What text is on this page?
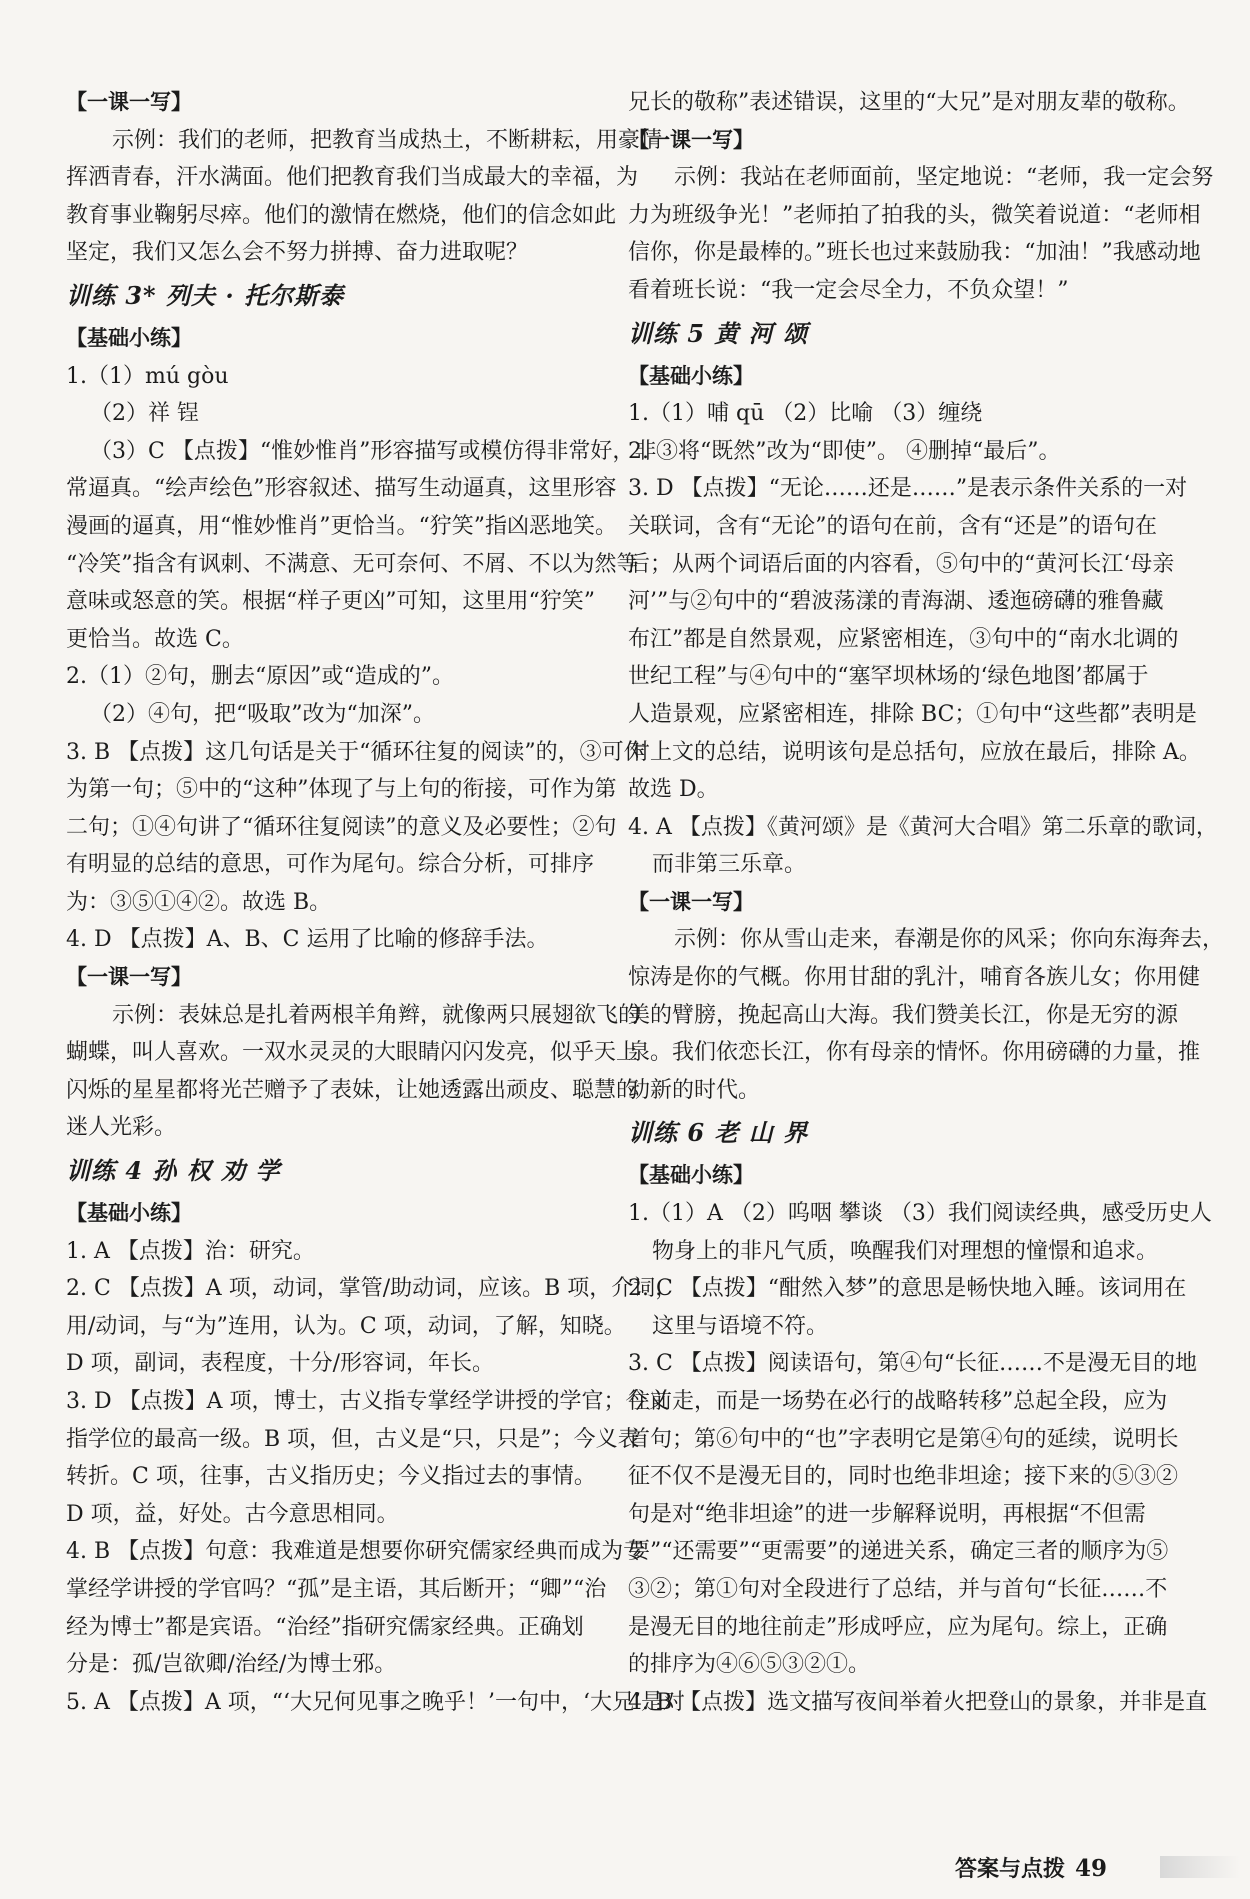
【一课一写】
示例：我们的老师，把教育当成热土，不断耕耘，用豪情
挥洒青春，汗水满面。他们把教育我们当成最大的幸福，为
教育事业鞠躬尽瘁。他们的激情在燃烧，他们的信念如此
坚定，我们又怎么会不努力拼搏、奋力进取呢？
训练 3* 列夫 · 托尔斯泰
【基础小练】
1.（1）mú gòu
（2）祥 锃
（3）C 【点拨】“惟妙惟肖”形容描写或模仿得非常好，非
常逼真。“绘声绘色”形容叙述、描写生动逼真，这里形容
漫画的逼真，用“惟妙惟肖”更恰当。“狞笑”指凶恶地笑。
“冷笑”指含有讽刺、不满意、无可奈何、不屑、不以为然等
意味或怒意的笑。根据“样子更凶”可知，这里用“狞笑”
更恰当。故选 C。
2.（1）②句，删去“原因”或“造成的”。
（2）④句，把“吸取”改为“加深”。
3. B 【点拨】这几句话是关于“循环往复的阅读”的，③可作
为第一句；⑤中的“这种”体现了与上句的衔接，可作为第
二句；①④句讲了“循环往复阅读”的意义及必要性；②句
有明显的总结的意思，可作为尾句。综合分析，可排序
为：③⑤①④②。故选 B。
4. D 【点拨】A、B、C 运用了比喻的修辞手法。
【一课一写】
示例：表妹总是扎着两根羊角辫，就像两只展翅欲飞的
蝴蝶，叫人喜欢。一双水灵灵的大眼睛闪闪发亮，似乎天上
闪烁的星星都将光芒赠予了表妹，让她透露出顽皮、聪慧的
迷人光彩。
训练 4 孙 权 劝 学
【基础小练】
1. A 【点拨】治：研究。
2. C 【点拨】A 项，动词，掌管/助动词，应该。B 项，介词，
用/动词，与“为”连用，认为。C 项，动词，了解，知晓。
D 项，副词，表程度，十分/形容词，年长。
3. D 【点拨】A 项，博士，古义指专掌经学讲授的学官；今义
指学位的最高一级。B 项，但，古义是“只，只是”；今义表
转折。C 项，往事，古义指历史；今义指过去的事情。
D 项，益，好处。古今意思相同。
4. B 【点拨】句意：我难道是想要你研究儒家经典而成为专
掌经学讲授的学官吗？“孤”是主语，其后断开；“卿”“治
经为博士”都是宾语。“治经”指研究儒家经典。正确划
分是：孤/岂欲卿/治经/为博士邪。
5. A 【点拨】A 项，“‘大兄何见事之晚乎！’一句中，‘大兄’是对
兄长的敬称”表述错误，这里的“大兄”是对朋友辈的敬称。
【一课一写】
示例：我站在老师面前，坚定地说：“老师，我一定会努
力为班级争光！”老师拍了拍我的头，微笑着说道：“老师相
信你，你是最棒的。”班长也过来鼓励我：“加油！”我感动地
看着班长说：“我一定会尽全力，不负众望！”
训练 5 黄 河 颂
【基础小练】
1.（1）哺 qū （2）比喻 （3）缠绕
2. ③将“既然”改为“即使”。 ④删掉“最后”。
3. D 【点拨】“无论……还是……”是表示条件关系的一对
关联词，含有“无论”的语句在前，含有“还是”的语句在
后；从两个词语后面的内容看，⑤句中的“黄河长江‘母亲
河’”与②句中的“碧波荡漾的青海湖、逶迤磅礴的雅鲁藏
布江”都是自然景观，应紧密相连，③句中的“南水北调的
世纪工程”与④句中的“塞罕坝林场的‘绿色地图’都属于
人造景观，应紧密相连，排除 BC；①句中“这些都”表明是
对上文的总结，说明该句是总括句，应放在最后，排除 A。
故选 D。
4. A 【点拨】《黄河颂》是《黄河大合唱》第二乐章的歌词，
而非第三乐章。
【一课一写】
示例：你从雪山走来，春潮是你的风采；你向东海奔去，
惊涛是你的气概。你用甘甜的乳汁，哺育各族儿女；你用健
美的臂膀，挽起高山大海。我们赞美长江，你是无穷的源
泉。我们依恋长江，你有母亲的情怀。你用磅礴的力量，推
动新的时代。
训练 6 老 山 界
【基础小练】
1.（1）A （2）呜咽 攀谈 （3）我们阅读经典，感受历史人
物身上的非凡气质，唤醒我们对理想的憧憬和追求。
2. C 【点拨】“酣然入梦”的意思是畅快地入睡。该词用在
这里与语境不符。
3. C 【点拨】阅读语句，第④句“长征……不是漫无目的地
往前走，而是一场势在必行的战略转移”总起全段，应为
首句；第⑥句中的“也”字表明它是第④句的延续，说明长
征不仅不是漫无目的，同时也绝非坦途；接下来的⑤③②
句是对“绝非坦途”的进一步解释说明，再根据“不但需
要”“还需要”“更需要”的递进关系，确定三者的顺序为⑤
③②；第①句对全段进行了总结，并与首句“长征……不
是漫无目的地往前走”形成呼应，应为尾句。综上，正确
的排序为④⑥⑤③②①。
4. B 【点拨】选文描写夜间举着火把登山的景象，并非是直
答案与点拨 49
